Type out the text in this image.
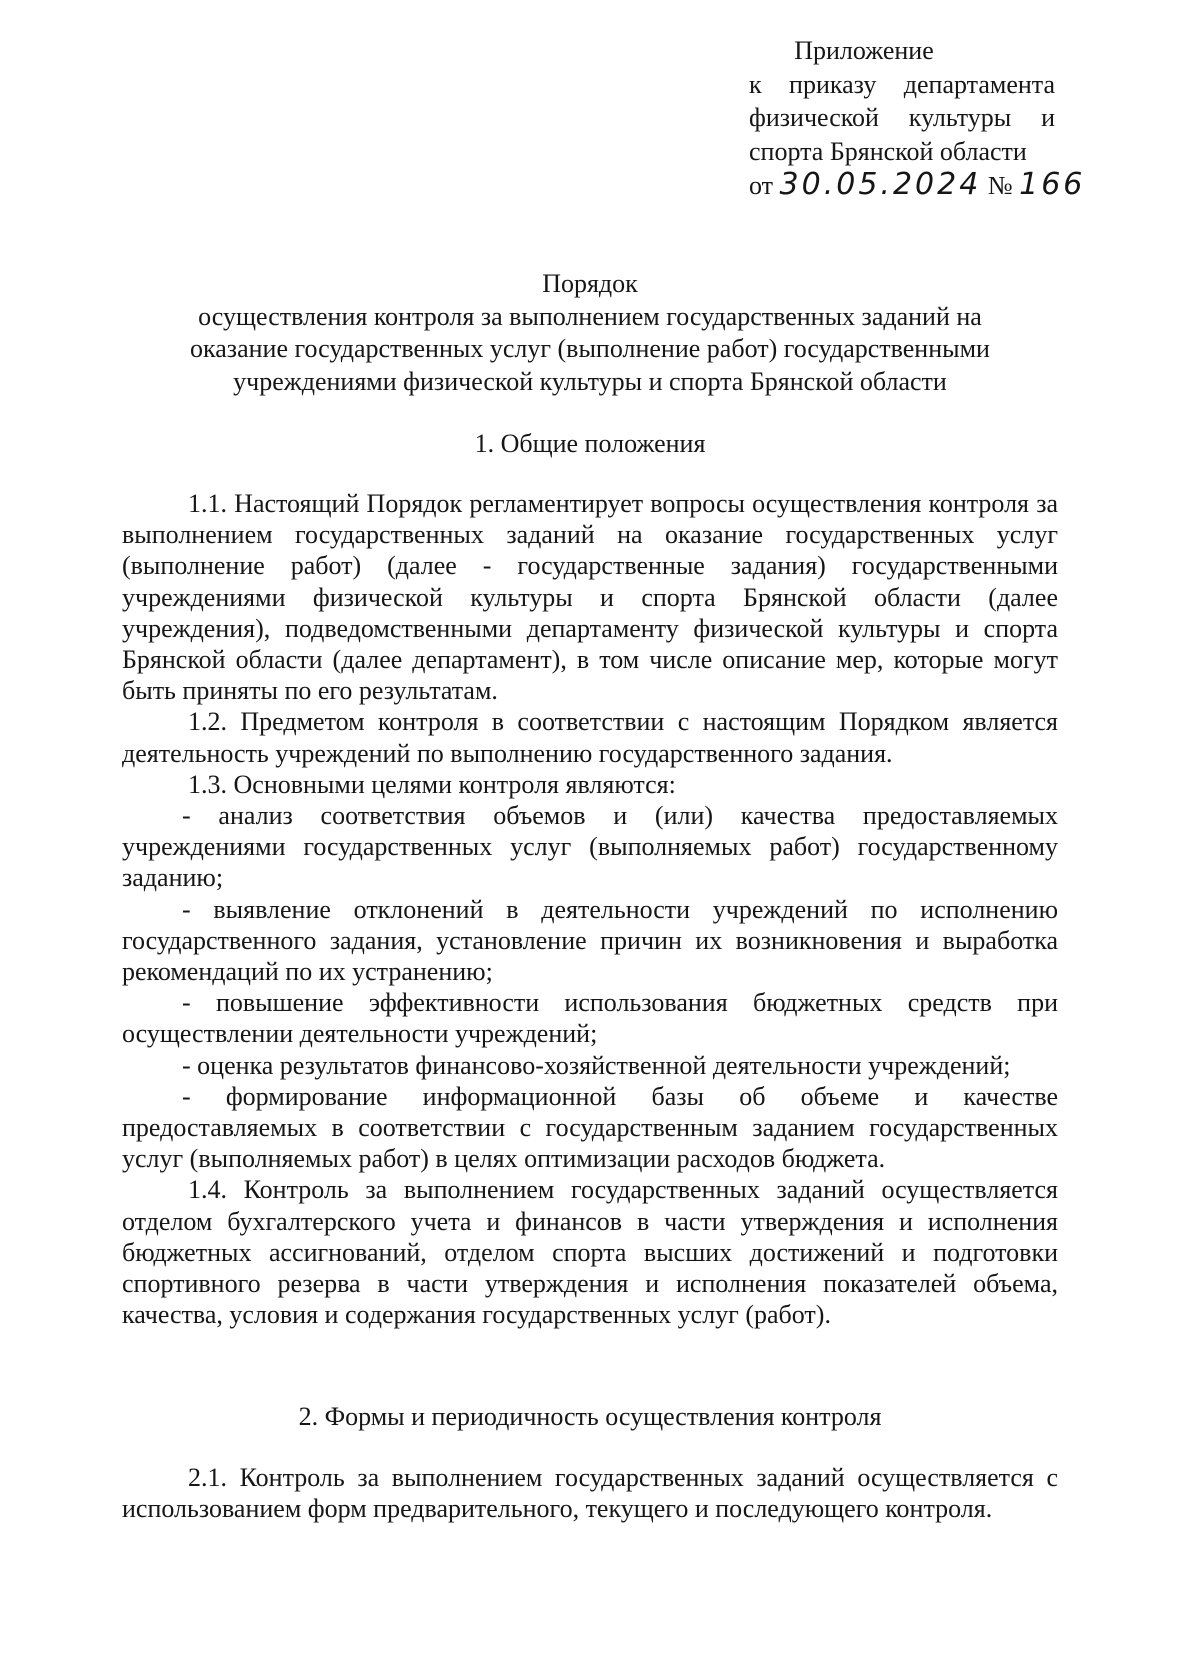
Приложение
к приказу департамента
физической культуры и
спорта Брянской области
от 30.05.2024 № 166
Порядок
осуществления контроля за выполнением государственных заданий на
оказание государственных услуг (выполнение работ) государственными
учреждениями физической культуры и спорта Брянской области
1. Общие положения

1.1. Настоящий Порядок регламентирует вопросы осуществления контроля за выполнением государственных заданий на оказание государственных услуг (выполнение работ) (далее - государственные задания) государственными учреждениями физической культуры и спорта Брянской области (далее учреждения), подведомственными департаменту физической культуры и спорта Брянской области (далее департамент), в том числе описание мер, которые могут быть приняты по его результатам.

1.2. Предметом контроля в соответствии с настоящим Порядком является деятельность учреждений по выполнению государственного задания.

1.3. Основными целями контроля являются:

- анализ соответствия объемов и (или) качества предоставляемых учреждениями государственных услуг (выполняемых работ) государственному заданию;

- выявление отклонений в деятельности учреждений по исполнению государственного задания, установление причин их возникновения и выработка рекомендаций по их устранению;

- повышение эффективности использования бюджетных средств при осуществлении деятельности учреждений;

- оценка результатов финансово-хозяйственной деятельности учреждений;

- формирование информационной базы об объеме и качестве предоставляемых в соответствии с государственным заданием государственных услуг (выполняемых работ) в целях оптимизации расходов бюджета.

1.4. Контроль за выполнением государственных заданий осуществляется отделом бухгалтерского учета и финансов в части утверждения и исполнения бюджетных ассигнований, отделом спорта высших достижений и подготовки спортивного резерва в части утверждения и исполнения показателей объема, качества, условия и содержания государственных услуг (работ).

2. Формы и периодичность осуществления контроля

2.1. Контроль за выполнением государственных заданий осуществляется с использованием форм предварительного, текущего и последующего контроля.
